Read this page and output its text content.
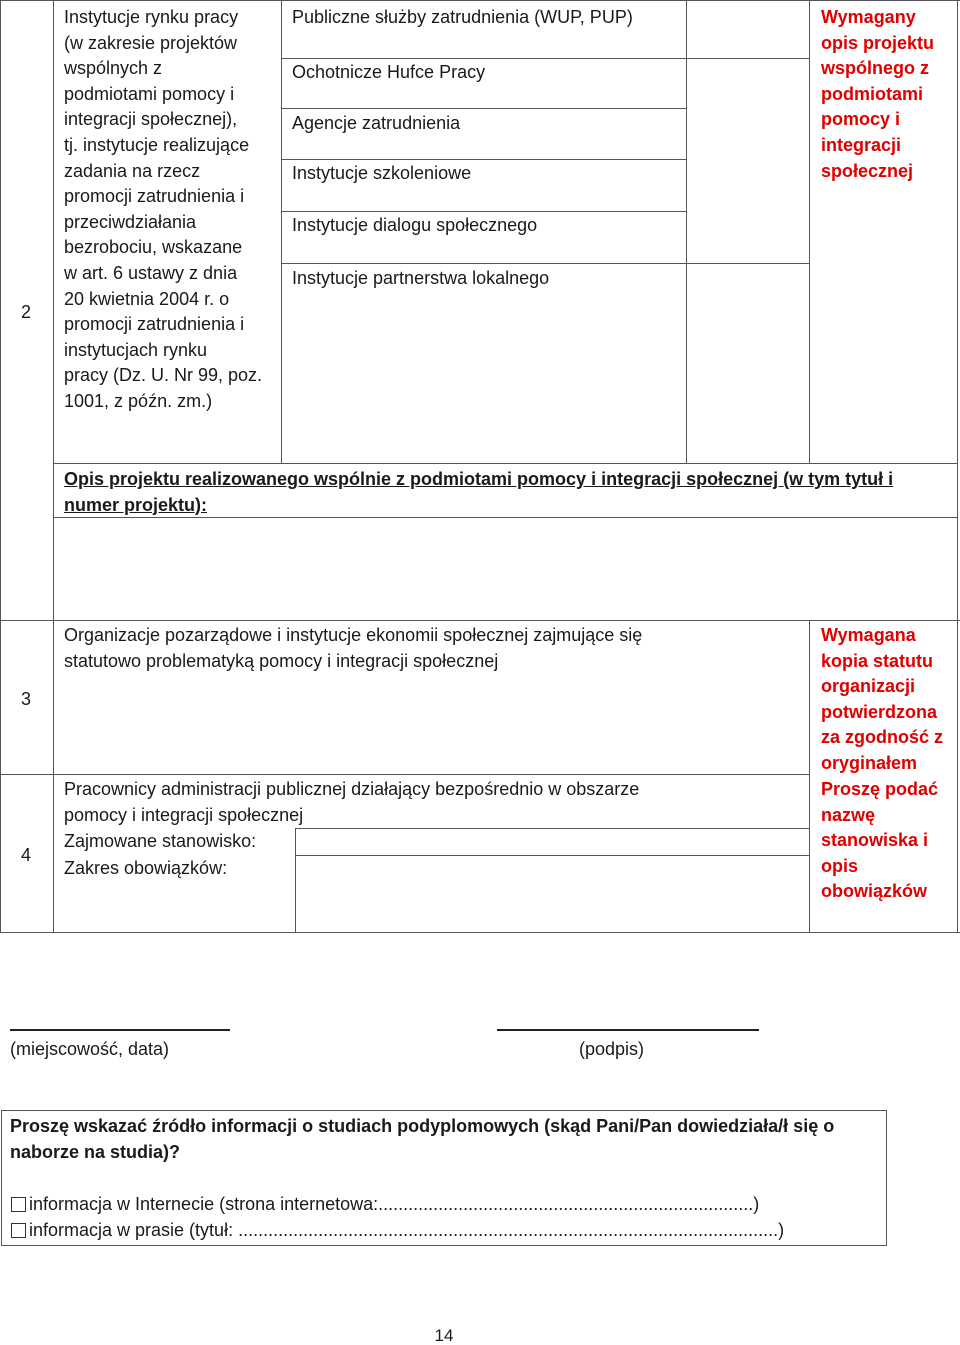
2
Instytucje rynku pracy
(w zakresie projektów
wspólnych z
podmiotami pomocy i
integracji społecznej),
tj. instytucje realizujące
zadania na rzecz
promocji zatrudnienia i
przeciwdziałania
bezrobociu, wskazane
w art. 6 ustawy z dnia
20 kwietnia 2004 r. o
promocji zatrudnienia i
instytucjach rynku
pracy (Dz. U. Nr 99, poz.
1001, z późn. zm.)
Publiczne służby zatrudnienia (WUP, PUP)
Ochotnicze Hufce Pracy
Agencje zatrudnienia
Instytucje szkoleniowe
Instytucje dialogu społecznego
Instytucje partnerstwa lokalnego
Wymagany
opis projektu
wspólnego z
podmiotami
pomocy i
integracji
społecznej
Opis projektu realizowanego wspólnie z podmiotami pomocy i integracji społecznej (w tym tytuł i
numer projektu):
3
Organizacje pozarządowe i instytucje ekonomii społecznej zajmujące się
statutowo problematyką pomocy i integracji społecznej
Wymagana
kopia statutu
organizacji
potwierdzona
za zgodność z
oryginałem
4
Pracownicy administracji publicznej działający bezpośrednio w obszarze
pomocy i integracji społecznej
Zajmowane stanowisko:
Zakres obowiązków:
Proszę podać
nazwę
stanowiska i
opis
obowiązków
(miejscowość, data)	(podpis)
Proszę wskazać źródło informacji o studiach podyplomowych (skąd Pani/Pan dowiedziała/ł się o
naborze na studia)?
informacja w Internecie (strona internetowa:...........................................................................)
informacja w prasie (tytuł: ............................................................................................................)
14
